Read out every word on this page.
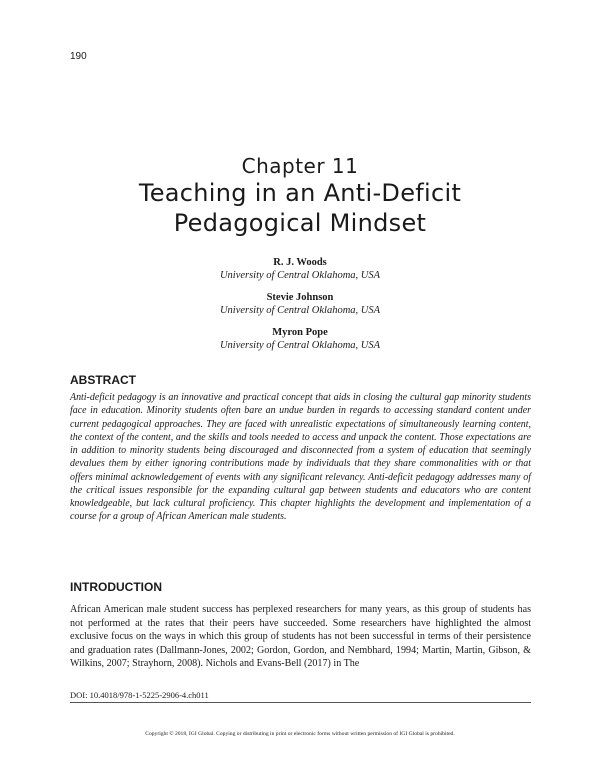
190
Chapter 11
Teaching in an Anti-Deficit
Pedagogical Mindset
R. J. Woods
University of Central Oklahoma, USA
Stevie Johnson
University of Central Oklahoma, USA
Myron Pope
University of Central Oklahoma, USA
ABSTRACT

Anti-deficit pedagogy is an innovative and practical concept that aids in closing the cultural gap minority students face in education. Minority students often bare an undue burden in regards to accessing standard content under current pedagogical approaches. They are faced with unrealistic expectations of simultaneously learning content, the context of the content, and the skills and tools needed to access and unpack the content. Those expectations are in addition to minority students being discouraged and disconnected from a system of education that seemingly devalues them by either ignoring contributions made by individuals that they share commonalities with or that offers minimal acknowledgement of events with any significant relevancy. Anti-deficit pedagogy addresses many of the critical issues responsible for the expanding cultural gap between students and educators who are content knowledgeable, but lack cultural proficiency. This chapter highlights the development and implementation of a course for a group of African American male students.

INTRODUCTION

African American male student success has perplexed researchers for many years, as this group of students has not performed at the rates that their peers have succeeded. Some researchers have highlighted the almost exclusive focus on the ways in which this group of students has not been successful in terms of their persistence and graduation rates (Dallmann-Jones, 2002; Gordon, Gordon, and Nembhard, 1994; Martin, Martin, Gibson, & Wilkins, 2007; Strayhorn, 2008). Nichols and Evans-Bell (2017) in The

DOI: 10.4018/978-1-5225-2906-4.ch011
Copyright © 2018, IGI Global. Copying or distributing in print or electronic forms without written permission of IGI Global is prohibited.
